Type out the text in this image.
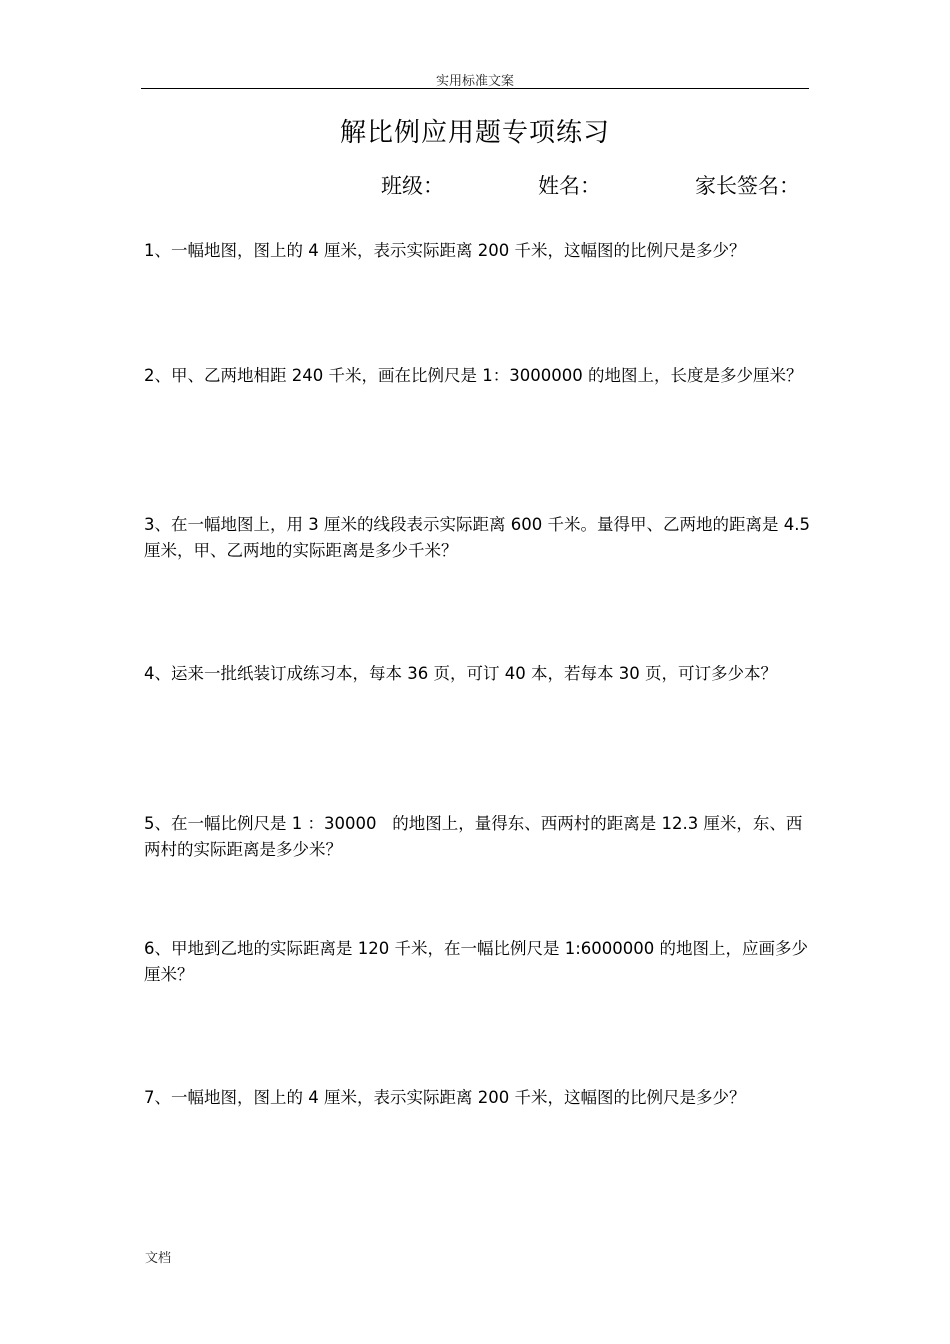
实用标准文案
解比例应用题专项练习
班级：	姓名：	家长签名：
1、一幅地图，图上的 4 厘米，表示实际距离 200 千米，这幅图的比例尺是多少？
2、甲、乙两地相距 240 千米，画在比例尺是 1：3000000 的地图上，长度是多少厘米？
3、在一幅地图上，用 3 厘米的线段表示实际距离 600 千米。量得甲、乙两地的距离是 4.5 厘米，甲、乙两地的实际距离是多少千米？
4、运来一批纸装订成练习本，每本 36 页，可订 40 本，若每本 30 页，可订多少本？
5、在一幅比例尺是 1 ：30000   的地图上，量得东、西两村的距离是 12.3 厘米，东、西两村的实际距离是多少米？
6、甲地到乙地的实际距离是 120 千米，在一幅比例尺是 1:6000000 的地图上，应画多少厘米？
7、一幅地图，图上的 4 厘米，表示实际距离 200 千米，这幅图的比例尺是多少？
文档
